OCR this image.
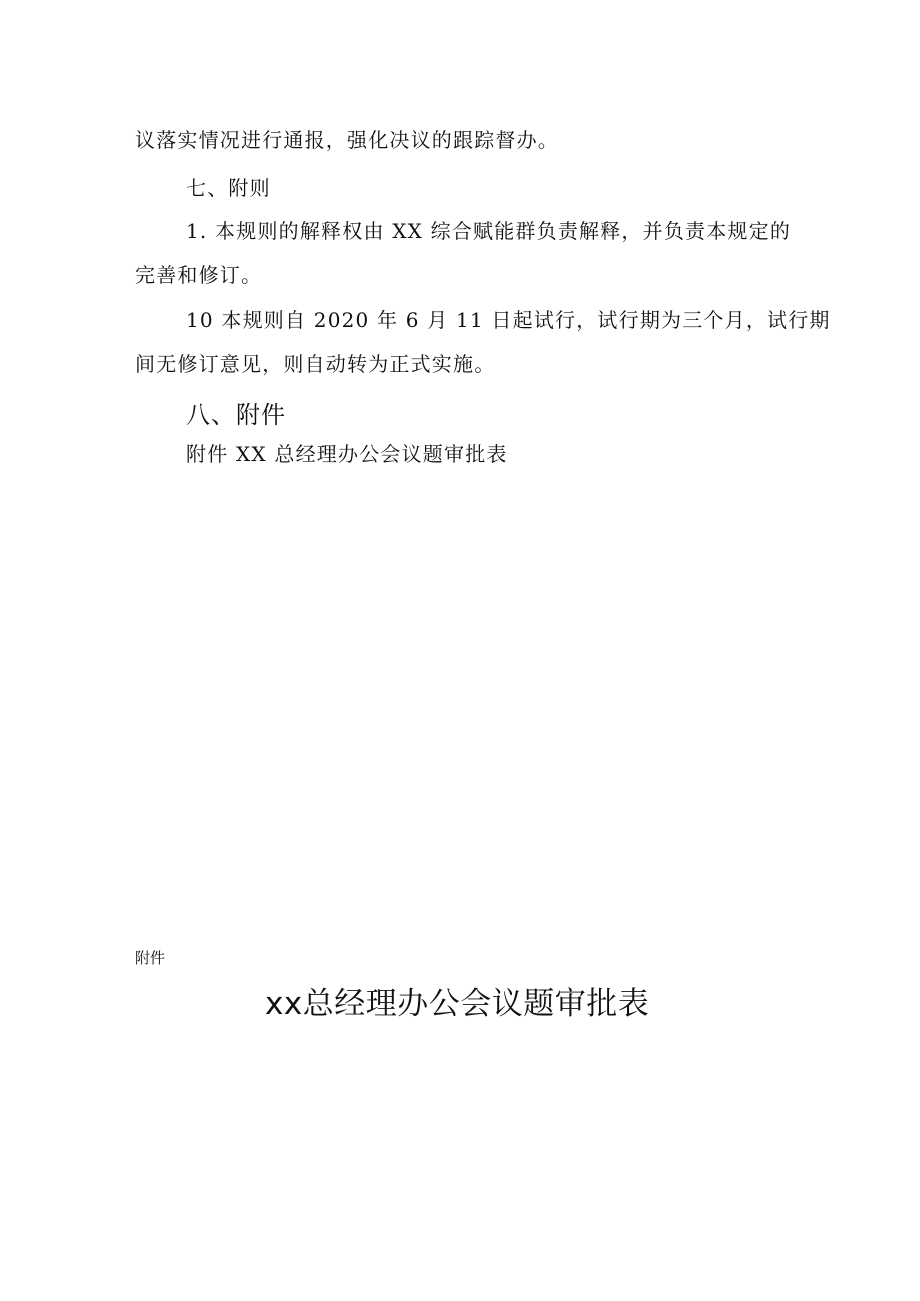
议落实情况进行通报，强化决议的跟踪督办。
七、附则
1. 本规则的解释权由 XX 综合赋能群负责解释，并负责本规定的
完善和修订。
10 本规则自 2020 年 6 月 11 日起试行，试行期为三个月，试行期
间无修订意见，则自动转为正式实施。
八、附件
附件 XX 总经理办公会议题审批表
附件
xx总经理办公会议题审批表
